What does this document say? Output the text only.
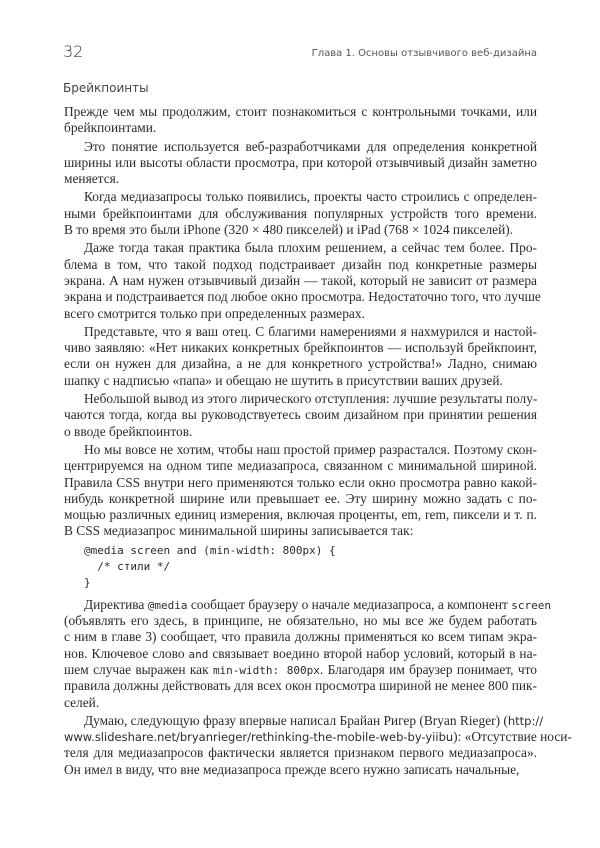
32	Глава 1. Основы отзывчивого веб-дизайна
Брейкпоинты
Прежде чем мы продолжим, стоит познакомиться с контрольными точками, или
брейкпоинтами.
Это понятие используется веб-разработчиками для определения конкретной
ширины или высоты области просмотра, при которой отзывчивый дизайн заметно
меняется.
Когда медиазапросы только появились, проекты часто строились с определен-
ными брейкпоинтами для обслуживания популярных устройств того времени.
В то время это были iPhone (320 × 480 пикселей) и iPad (768 × 1024 пикселей).
Даже тогда такая практика была плохим решением, а сейчас тем более. Про-
блема в том, что такой подход подстраивает дизайн под конкретные размеры
экрана. А нам нужен отзывчивый дизайн — такой, который не зависит от размера
экрана и подстраивается под любое окно просмотра. Недостаточно того, что лучше
всего смотрится только при определенных размерах.
Представьте, что я ваш отец. С благими намерениями я нахмурился и настой-
чиво заявляю: «Нет никаких конкретных брейкпоинтов — используй брейкпоинт,
если он нужен для дизайна, а не для конкретного устройства!» Ладно, снимаю
шапку с надписью «папа» и обещаю не шутить в присутствии ваших друзей.
Небольшой вывод из этого лирического отступления: лучшие результаты полу-
чаются тогда, когда вы руководствуетесь своим дизайном при принятии решения
о вводе брейкпоинтов.
Но мы вовсе не хотим, чтобы наш простой пример разрастался. Поэтому скон-
центрируемся на одном типе медиазапроса, связанном с минимальной шириной.
Правила CSS внутри него применяются только если окно просмотра равно какой-
нибудь конкретной ширине или превышает ее. Эту ширину можно задать с по-
мощью различных единиц измерения, включая проценты, em, rem, пиксели и т. п.
В CSS медиазапрос минимальной ширины записывается так:
@media screen and (min-width: 800px) {
/* стили */
}
Директива @media сообщает браузеру о начале медиазапроса, а компонент screen
(объявлять его здесь, в принципе, не обязательно, но мы все же будем работать
с ним в главе 3) сообщает, что правила должны применяться ко всем типам экра-
нов. Ключевое слово and связывает воедино второй набор условий, который в на-
шем случае выражен как min-width: 800px. Благодаря им браузер понимает, что
правила должны действовать для всех окон просмотра шириной не менее 800 пик-
селей.
Думаю, следующую фразу впервые написал Брайан Ригер (Bryan Rieger) (http://
www.slideshare.net/bryanrieger/rethinking-the-mobile-web-by-yiibu): «Отсутствие носи-
теля для медиазапросов фактически является признаком первого медиазапроса».
Он имел в виду, что вне медиазапроса прежде всего нужно записать начальные,
